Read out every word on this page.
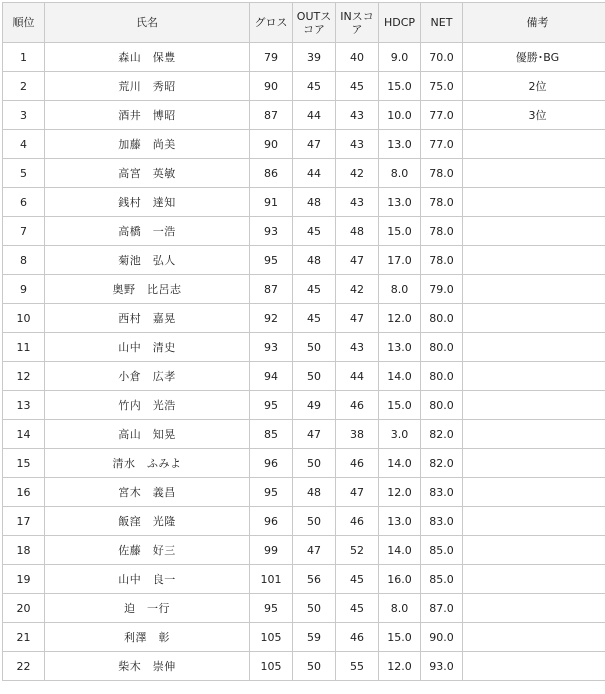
順位	氏名	グロス	OUTスコア	INスコア	HDCP	NET	備考
1	森山　保豊	79	39	40	9.0	70.0	優勝･BG
2	荒川　秀昭	90	45	45	15.0	75.0	2位
3	酒井　博昭	87	44	43	10.0	77.0	3位
4	加藤　尚美	90	47	43	13.0	77.0	
5	高宮　英敏	86	44	42	8.0	78.0	
6	銭村　達知	91	48	43	13.0	78.0	
7	高橋　一浩	93	45	48	15.0	78.0	
8	菊池　弘人	95	48	47	17.0	78.0	
9	奥野　比呂志	87	45	42	8.0	79.0	
10	西村　嘉晃	92	45	47	12.0	80.0	
11	山中　清史	93	50	43	13.0	80.0	
12	小倉　広孝	94	50	44	14.0	80.0	
13	竹内　光浩	95	49	46	15.0	80.0	
14	高山　知晃	85	47	38	3.0	82.0	
15	清水　ふみよ	96	50	46	14.0	82.0	
16	宮木　義昌	95	48	47	12.0	83.0	
17	飯窪　光隆	96	50	46	13.0	83.0	
18	佐藤　好三	99	47	52	14.0	85.0	
19	山中　良一	101	56	45	16.0	85.0	
20	迫　一行	95	50	45	8.0	87.0	
21	利澤　彰	105	59	46	15.0	90.0	
22	柴木　崇伸	105	50	55	12.0	93.0	
